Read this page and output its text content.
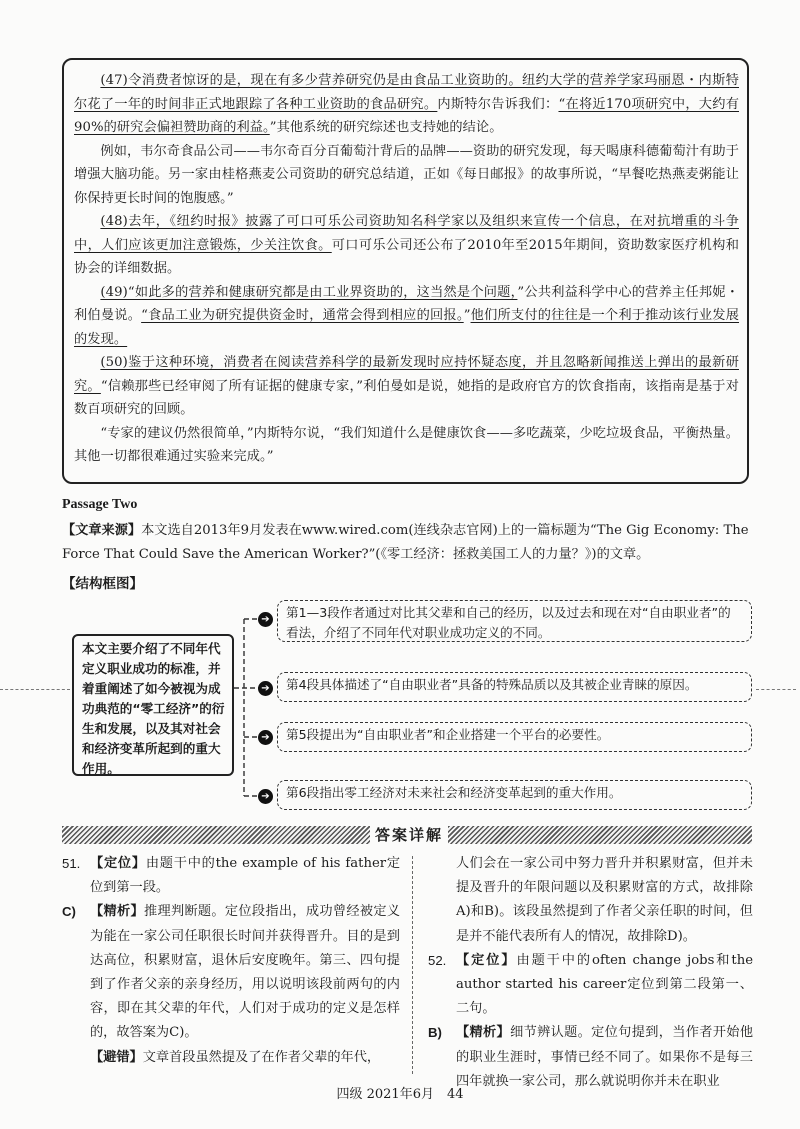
(47)令消费者惊讶的是，现在有多少营养研究仍是由食品工业资助的。纽约大学的营养学家玛丽恩・内斯特尔花了一年的时间非正式地跟踪了各种工业资助的食品研究。内斯特尔告诉我们：“在将近170项研究中，大约有90%的研究会偏袒赞助商的利益。”其他系统的研究综述也支持她的结论。

例如，韦尔奇食品公司——韦尔奇百分百葡萄汁背后的品牌——资助的研究发现，每天喝康科德葡萄汁有助于增强大脑功能。另一家由桂格燕麦公司资助的研究总结道，正如《每日邮报》的故事所说，“早餐吃热燕麦粥能让你保持更长时间的饱腹感。”

(48)去年，《纽约时报》披露了可口可乐公司资助知名科学家以及组织来宣传一个信息，在对抗增重的斗争中，人们应该更加注意锻炼，少关注饮食。可口可乐公司还公布了2010年至2015年期间，资助数家医疗机构和协会的详细数据。

(49)“如此多的营养和健康研究都是由工业界资助的，这当然是个问题，”公共利益科学中心的营养主任邦妮・利伯曼说。“食品工业为研究提供资金时，通常会得到相应的回报。”他们所支付的往往是一个利于推动该行业发展的发现。

(50)鉴于这种环境，消费者在阅读营养科学的最新发现时应持怀疑态度，并且忽略新闻推送上弹出的最新研究。“信赖那些已经审阅了所有证据的健康专家，”利伯曼如是说，她指的是政府官方的饮食指南，该指南是基于对数百项研究的回顾。

“专家的建议仍然很简单，”内斯特尔说，“我们知道什么是健康饮食——多吃蔬菜，少吃垃圾食品，平衡热量。其他一切都很难通过实验来完成。”

Passage Two
【文章来源】本文选自2013年9月发表在www.wired.com(连线杂志官网)上的一篇标题为“The Gig Economy: The Force That Could Save the American Worker?”(《零工经济：拯救美国工人的力量？》)的文章。
【结构框图】
本文主要介绍了不同年代定义职业成功的标准，并着重阐述了如今被视为成功典范的“零工经济”的衍生和发展，以及其对社会和经济变革所起到的重大作用。
➔	第1—3段作者通过对比其父辈和自己的经历，以及过去和现在对“自由职业者”的看法，介绍了不同年代对职业成功定义的不同。
➔	第4段具体描述了“自由职业者”具备的特殊品质以及其被企业青睐的原因。
➔	第5段提出为“自由职业者”和企业搭建一个平台的必要性。
➔	第6段指出零工经济对未来社会和经济变革起到的重大作用。
答案详解
51. 【定位】由题干中的the example of his father定位到第一段。
C) 【精析】推理判断题。定位段指出，成功曾经被定义为能在一家公司任职很长时间并获得晋升。目的是到达高位，积累财富，退休后安度晚年。第三、四句提到了作者父亲的亲身经历，用以说明该段前两句的内容，即在其父辈的年代，人们对于成功的定义是怎样的，故答案为C)。
【避错】文章首段虽然提及了在作者父辈的年代，
人们会在一家公司中努力晋升并积累财富，但并未提及晋升的年限问题以及积累财富的方式，故排除A)和B)。该段虽然提到了作者父亲任职的时间，但是并不能代表所有人的情况，故排除D)。
52. 【定位】由题干中的often change jobs和the author started his career定位到第二段第一、二句。
B) 【精析】细节辨认题。定位句提到，当作者开始他的职业生涯时，事情已经不同了。如果你不是每三四年就换一家公司，那么就说明你并未在职业
四级 2021年6月　44
